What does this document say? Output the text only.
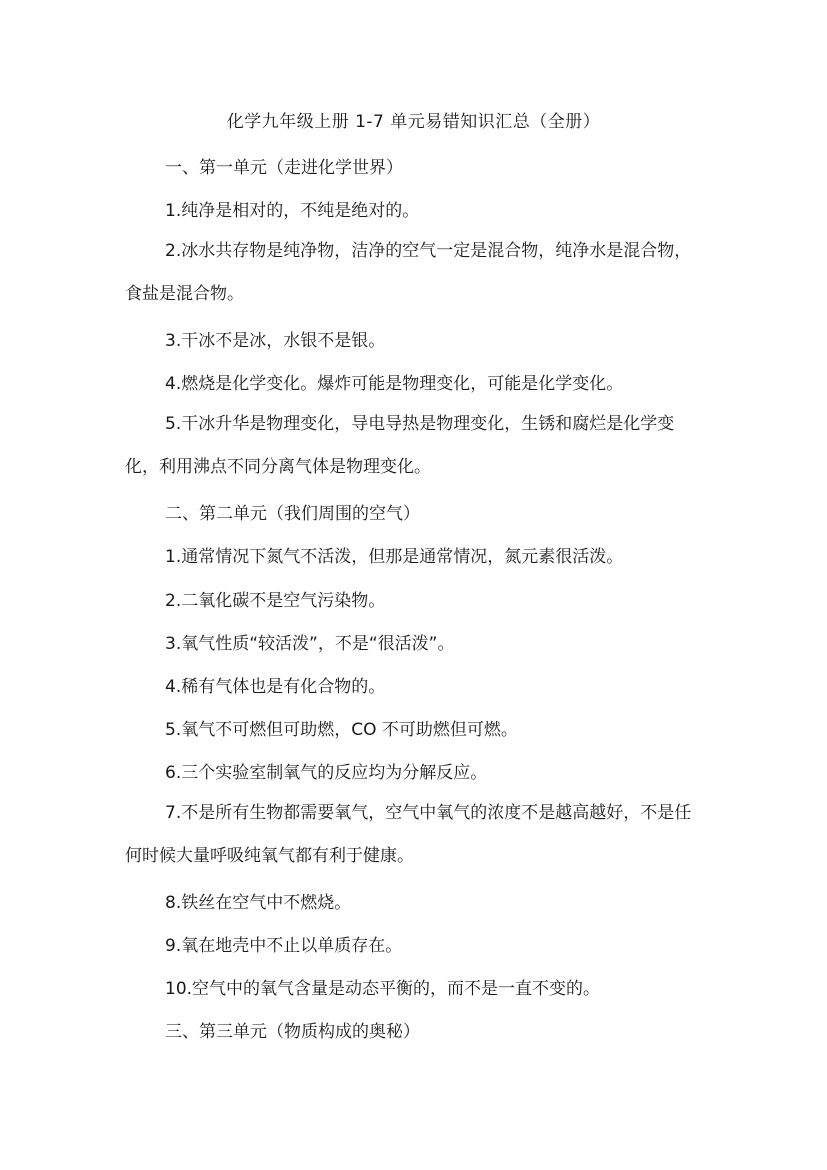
化学九年级上册 1-7 单元易错知识汇总（全册）
一、第一单元（走进化学世界）
1.纯净是相对的，不纯是绝对的。
2.冰水共存物是纯净物，洁净的空气一定是混合物，纯净水是混合物，食盐是混合物。
3.干冰不是冰，水银不是银。
4.燃烧是化学变化。爆炸可能是物理变化，可能是化学变化。
5.干冰升华是物理变化，导电导热是物理变化，生锈和腐烂是化学变化，利用沸点不同分离气体是物理变化。
二、第二单元（我们周围的空气）
1.通常情况下氮气不活泼，但那是通常情况，氮元素很活泼。
2.二氧化碳不是空气污染物。
3.氧气性质“较活泼”，不是“很活泼”。
4.稀有气体也是有化合物的。
5.氧气不可燃但可助燃，CO 不可助燃但可燃。
6.三个实验室制氧气的反应均为分解反应。
7.不是所有生物都需要氧气，空气中氧气的浓度不是越高越好，不是任何时候大量呼吸纯氧气都有利于健康。
8.铁丝在空气中不燃烧。
9.氧在地壳中不止以单质存在。
10.空气中的氧气含量是动态平衡的，而不是一直不变的。
三、第三单元（物质构成的奥秘）
